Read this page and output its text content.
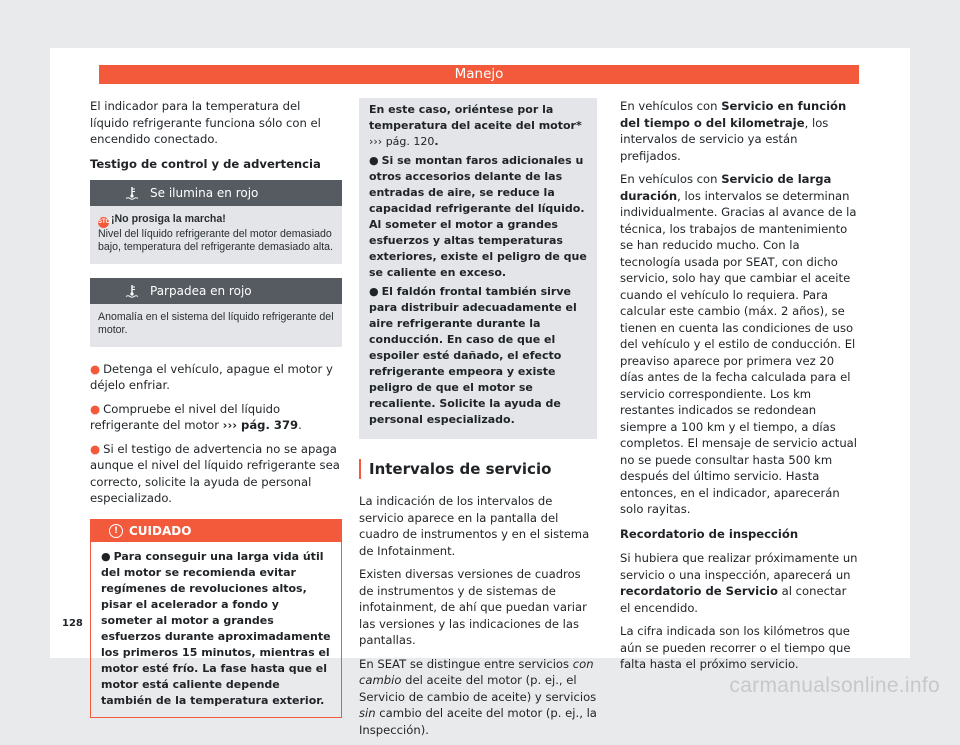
Manejo

El indicador para la temperatura del líquido refrigerante funciona sólo con el encendido conectado.

Testigo de control y de advertencia

Se ilumina en rojo
STOP¡No prosiga la marcha!
Nivel del líquido refrigerante del motor demasiado bajo, temperatura del refrigerante demasiado alta.
Parpadea en rojo
Anomalía en el sistema del líquido refrigerante del motor.

● Detenga el vehículo, apague el motor y déjelo enfriar.

● Compruebe el nivel del líquido refrigerante del motor ››› pág. 379.

● Si el testigo de advertencia no se apaga aunque el nivel del líquido refrigerante sea correcto, solicite la ayuda de personal especializado.

! CUIDADO
● Para conseguir una larga vida útil del motor se recomienda evitar regímenes de revoluciones altos, pisar el acelerador a fondo y someter al motor a grandes esfuerzos durante aproximadamente los primeros 15 minutos, mientras el motor esté frío. La fase hasta que el motor está caliente depende también de la temperatura exterior.

En este caso, oriéntese por la temperatura del aceite del motor* ››› pág. 120.

● Si se montan faros adicionales u otros accesorios delante de las entradas de aire, se reduce la capacidad refrigerante del líquido. Al someter el motor a grandes esfuerzos y altas temperaturas exteriores, existe el peligro de que se caliente en exceso.

● El faldón frontal también sirve para distribuir adecuadamente el aire refrigerante durante la conducción. En caso de que el espoiler esté dañado, el efecto refrigerante empeora y existe peligro de que el motor se recaliente. Solicite la ayuda de personal especializado.

Intervalos de servicio

La indicación de los intervalos de servicio aparece en la pantalla del cuadro de instrumentos y en el sistema de Infotainment.

Existen diversas versiones de cuadros de instrumentos y de sistemas de infotainment, de ahí que puedan variar las versiones y las indicaciones de las pantallas.

En SEAT se distingue entre servicios con cambio del aceite del motor (p. ej., el Servicio de cambio de aceite) y servicios sin cambio del aceite del motor (p. ej., la Inspección).

En vehículos con Servicio en función del tiempo o del kilometraje, los intervalos de servicio ya están prefijados.

En vehículos con Servicio de larga duración, los intervalos se determinan individualmente. Gracias al avance de la técnica, los trabajos de mantenimiento se han reducido mucho. Con la tecnología usada por SEAT, con dicho servicio, solo hay que cambiar el aceite cuando el vehículo lo requiera. Para calcular este cambio (máx. 2 años), se tienen en cuenta las condiciones de uso del vehículo y el estilo de conducción. El preaviso aparece por primera vez 20 días antes de la fecha calculada para el servicio correspondiente. Los km restantes indicados se redondean siempre a 100 km y el tiempo, a días completos. El mensaje de servicio actual no se puede consultar hasta 500 km después del último servicio. Hasta entonces, en el indicador, aparecerán solo rayitas.

Recordatorio de inspección

Si hubiera que realizar próximamente un servicio o una inspección, aparecerá un recordatorio de Servicio al conectar el encendido.

La cifra indicada son los kilómetros que aún se pueden recorrer o el tiempo que falta hasta el próximo servicio.

128
carmanualsonline.info
